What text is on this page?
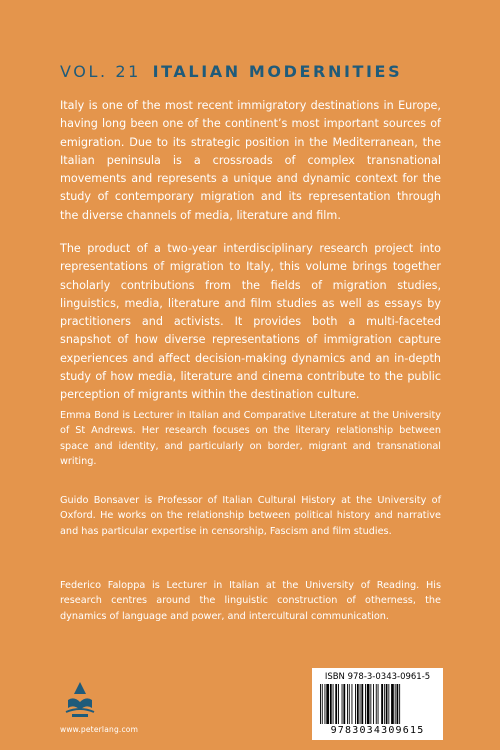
VOL. 21 ITALIAN MODERNITIES
Italy is one of the most recent immigratory destinations in Europe, having long been one of the continent’s most important sources of emigration. Due to its strategic position in the Mediterranean, the Italian peninsula is a crossroads of complex transnational movements and represents a unique and dynamic context for the study of contemporary migration and its representation through the diverse channels of media, literature and film.
The product of a two-year interdisciplinary research project into representations of migration to Italy, this volume brings together scholarly contributions from the fields of migration studies, linguistics, media, literature and film studies as well as essays by practitioners and activists. It provides both a multi-faceted snapshot of how diverse representations of immigration capture experiences and affect decision-making dynamics and an in-depth study of how media, literature and cinema contribute to the public perception of migrants within the destination culture.
Emma Bond is Lecturer in Italian and Comparative Literature at the University of St Andrews. Her research focuses on the literary relationship between space and identity, and particularly on border, migrant and transnational writing.
Guido Bonsaver is Professor of Italian Cultural History at the University of Oxford. He works on the relationship between political history and narrative and has particular expertise in censorship, Fascism and film studies.
Federico Faloppa is Lecturer in Italian at the University of Reading. His research centres around the linguistic construction of otherness, the dynamics of language and power, and intercultural communication.
www.peterlang.com
ISBN 978-3-0343-0961-5
9783034309615
